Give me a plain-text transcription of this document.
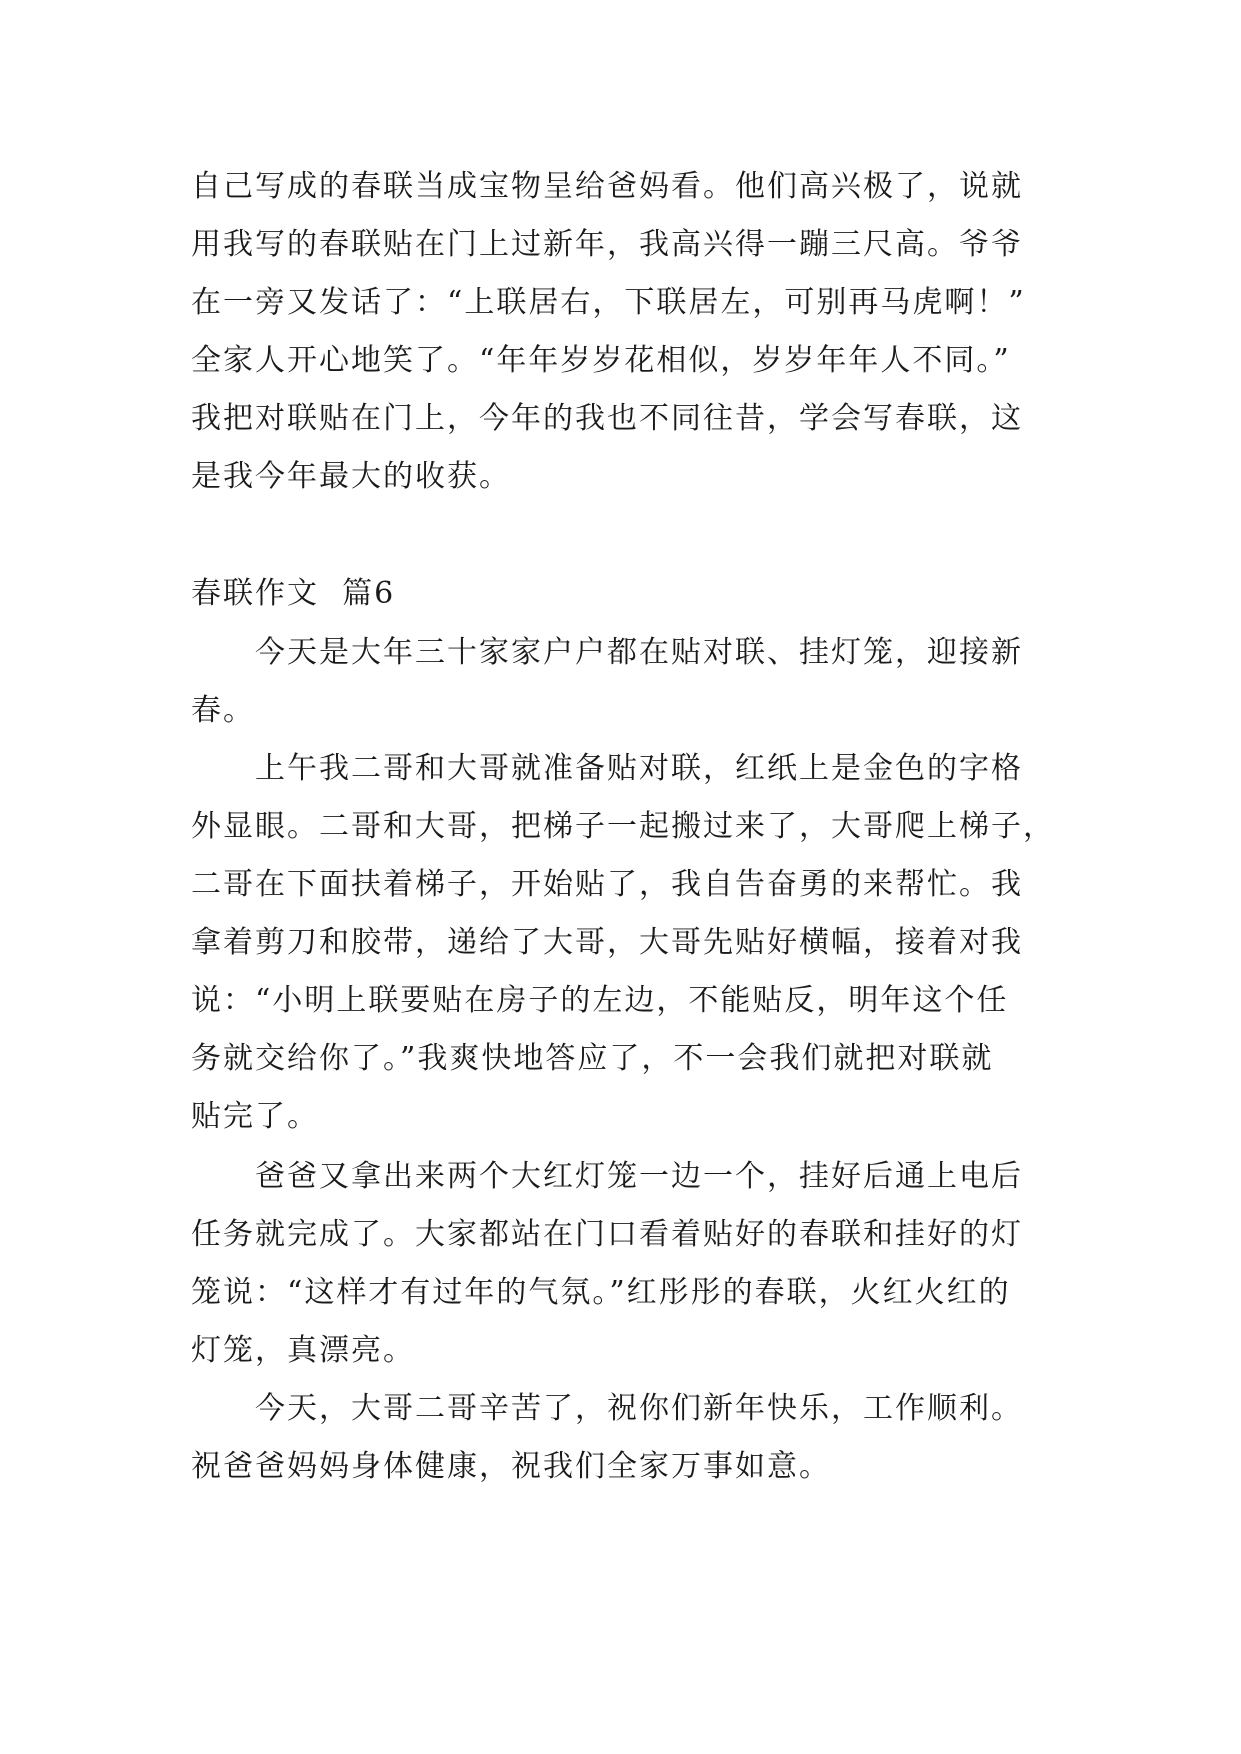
自己写成的春联当成宝物呈给爸妈看。他们高兴极了，说就
用我写的春联贴在门上过新年，我高兴得一蹦三尺高。爷爷
在一旁又发话了：“上联居右，下联居左，可别再马虎啊！”
全家人开心地笑了。“年年岁岁花相似，岁岁年年人不同。”
我把对联贴在门上，今年的我也不同往昔，学会写春联，这
是我今年最大的收获。
春联作文  篇6
今天是大年三十家家户户都在贴对联、挂灯笼，迎接新
春。
上午我二哥和大哥就准备贴对联，红纸上是金色的字格
外显眼。二哥和大哥，把梯子一起搬过来了，大哥爬上梯子，
二哥在下面扶着梯子，开始贴了，我自告奋勇的来帮忙。我
拿着剪刀和胶带，递给了大哥，大哥先贴好横幅，接着对我
说：“小明上联要贴在房子的左边，不能贴反，明年这个任
务就交给你了。”我爽快地答应了，不一会我们就把对联就
贴完了。
爸爸又拿出来两个大红灯笼一边一个，挂好后通上电后
任务就完成了。大家都站在门口看着贴好的春联和挂好的灯
笼说：“这样才有过年的气氛。”红彤彤的春联，火红火红的
灯笼，真漂亮。
今天，大哥二哥辛苦了，祝你们新年快乐，工作顺利。
祝爸爸妈妈身体健康，祝我们全家万事如意。
